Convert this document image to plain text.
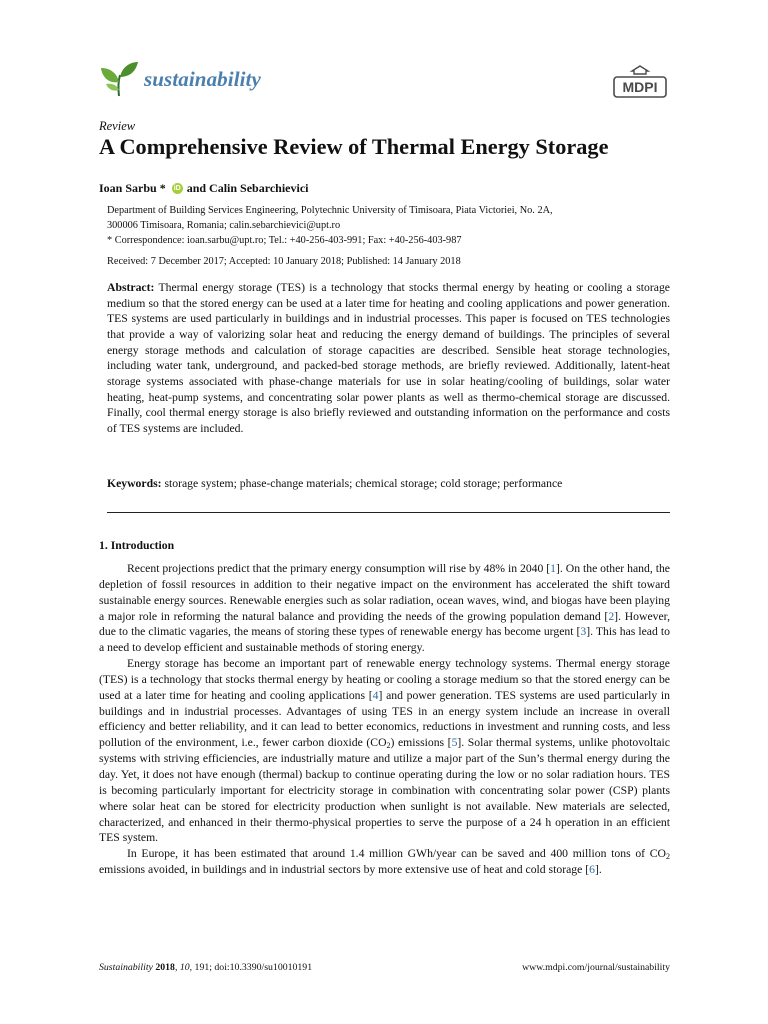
sustainability	MDPI
Review
A Comprehensive Review of Thermal Energy Storage
Ioan Sarbu * iD and Calin Sebarchievici

Department of Building Services Engineering, Polytechnic University of Timisoara, Piata Victoriei, No. 2A,

300006 Timisoara, Romania; calin.sebarchievici@upt.ro

* Correspondence: ioan.sarbu@upt.ro; Tel.: +40-256-403-991; Fax: +40-256-403-987

Received: 7 December 2017; Accepted: 10 January 2018; Published: 14 January 2018

Abstract: Thermal energy storage (TES) is a technology that stocks thermal energy by heating or cooling a storage medium so that the stored energy can be used at a later time for heating and cooling applications and power generation. TES systems are used particularly in buildings and in industrial processes. This paper is focused on TES technologies that provide a way of valorizing solar heat and reducing the energy demand of buildings. The principles of several energy storage methods and calculation of storage capacities are described. Sensible heat storage technologies, including water tank, underground, and packed-bed storage methods, are briefly reviewed. Additionally, latent-heat storage systems associated with phase-change materials for use in solar heating/cooling of buildings, solar water heating, heat-pump systems, and concentrating solar power plants as well as thermo-chemical storage are discussed. Finally, cool thermal energy storage is also briefly reviewed and outstanding information on the performance and costs of TES systems are included.

Keywords: storage system; phase-change materials; chemical storage; cold storage; performance

1. Introduction

Recent projections predict that the primary energy consumption will rise by 48% in 2040 [1]. On the other hand, the depletion of fossil resources in addition to their negative impact on the environment has accelerated the shift toward sustainable energy sources. Renewable energies such as solar radiation, ocean waves, wind, and biogas have been playing a major role in reforming the natural balance and providing the needs of the growing population demand [2]. However, due to the climatic vagaries, the means of storing these types of renewable energy has become urgent [3]. This has lead to a need to develop efficient and sustainable methods of storing energy.

Energy storage has become an important part of renewable energy technology systems. Thermal energy storage (TES) is a technology that stocks thermal energy by heating or cooling a storage medium so that the stored energy can be used at a later time for heating and cooling applications [4] and power generation. TES systems are used particularly in buildings and in industrial processes. Advantages of using TES in an energy system include an increase in overall efficiency and better reliability, and it can lead to better economics, reductions in investment and running costs, and less pollution of the environment, i.e., fewer carbon dioxide $(CO_2)$ emissions [5]. Solar thermal systems, unlike photovoltaic systems with striving efficiencies, are industrially mature and utilize a major part of the Sun’s thermal energy during the day. Yet, it does not have enough (thermal) backup to continue operating during the low or no solar radiation hours. TES is becoming particularly important for electricity storage in combination with concentrating solar power (CSP) plants where solar heat can be stored for electricity production when sunlight is not available. New materials are selected, characterized, and enhanced in their thermo-physical properties to serve the purpose of a 24 h operation in an efficient TES system.

In Europe, it has been estimated that around 1.4 million GWh/year can be saved and 400 million tons of $CO_2$ emissions avoided, in buildings and in industrial sectors by more extensive use of heat and cold storage [6].

Sustainability 2018, 10, 191; doi:10.3390/su10010191	www.mdpi.com/journal/sustainability
